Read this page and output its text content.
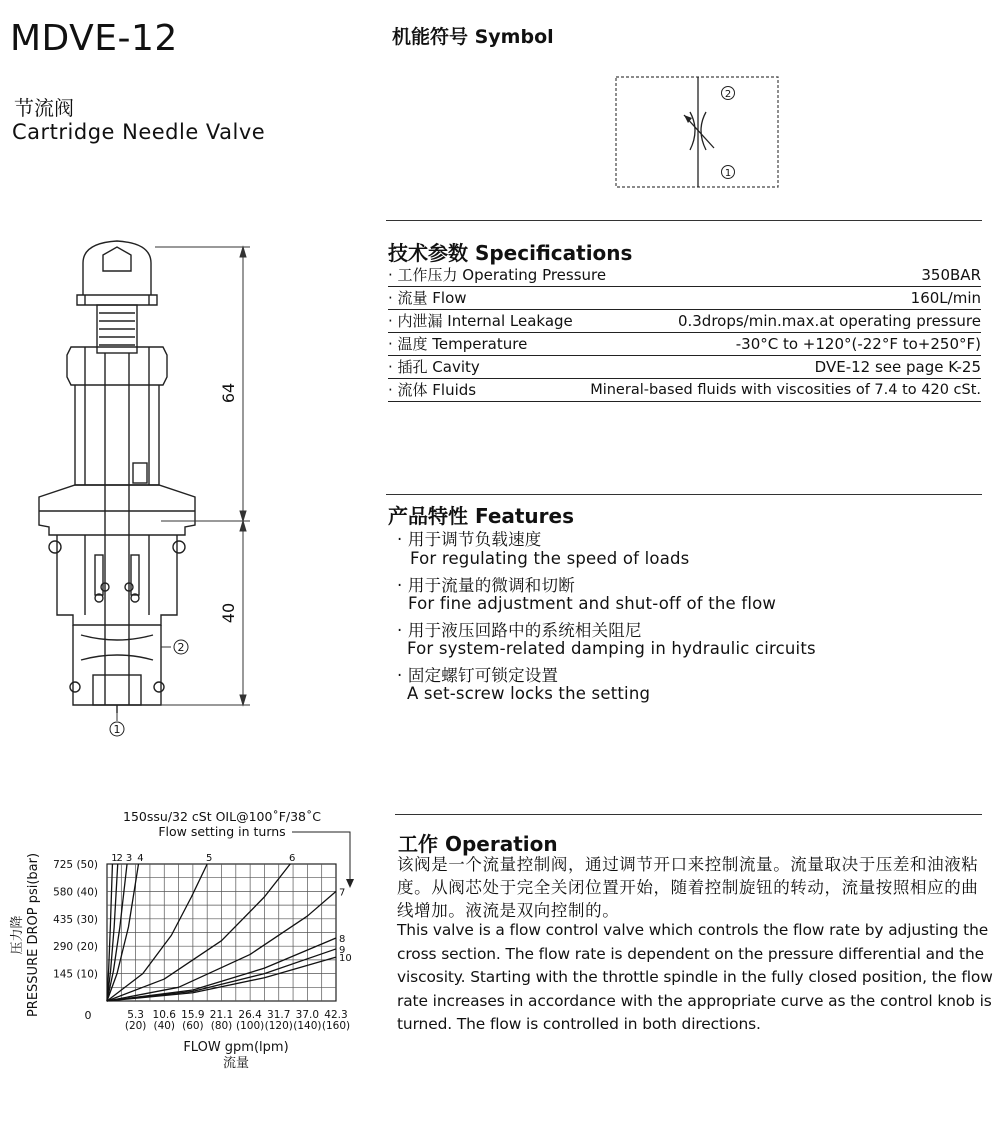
MDVE-12
节流阀
Cartridge Needle Valve
机能符号 Symbol
2
1
64
40
2
1
技术参数 Specifications
· 工作压力 Operating Pressure	350BAR
· 流量 Flow	160L/min
· 内泄漏 Internal Leakage	0.3drops/min.max.at operating pressure
· 温度 Temperature	-30°C to +120°(-22°F to+250°F)
· 插孔 Cavity	DVE-12 see page K-25
· 流体 Fluids	Mineral-based fluids with viscosities of 7.4 to 420 cSt.
产品特性 Features
· 用于调节负载速度
For regulating the speed of loads
· 用于流量的微调和切断
For fine adjustment and shut-off of the flow
· 用于液压回路中的系统相关阻尼
For system-related damping in hydraulic circuits
· 固定螺钉可锁定设置
A set-screw locks the setting
工作 Operation
该阀是一个流量控制阀，通过调节开口来控制流量。流量取决于压差和油液粘度。从阀芯处于完全关闭位置开始，随着控制旋钮的转动，流量按照相应的曲线增加。液流是双向控制的。
This valve is a flow control valve which controls the flow rate by adjusting the cross section. The flow rate is dependent on the pressure differential and the viscosity. Starting with the throttle spindle in the fully closed position, the flow rate increases in accordance with the appropriate curve as the control knob is turned. The flow is controlled in both directions.
150ssu/32 cSt OIL@100˚F/38˚C
Flow setting in turns
5.3
(20)
10.6
(40)
15.9
(60)
21.1
(80)
26.4
(100)
31.7
(120)
37.0
(140)
42.3
(160)
145 (10)
290 (20)
435 (30)
580 (40)
725 (50)
1
2 3 4	5	6
7
8
9
10
0
FLOW gpm(lpm)
流量
PRESSURE DROP psi(bar)
压力降
